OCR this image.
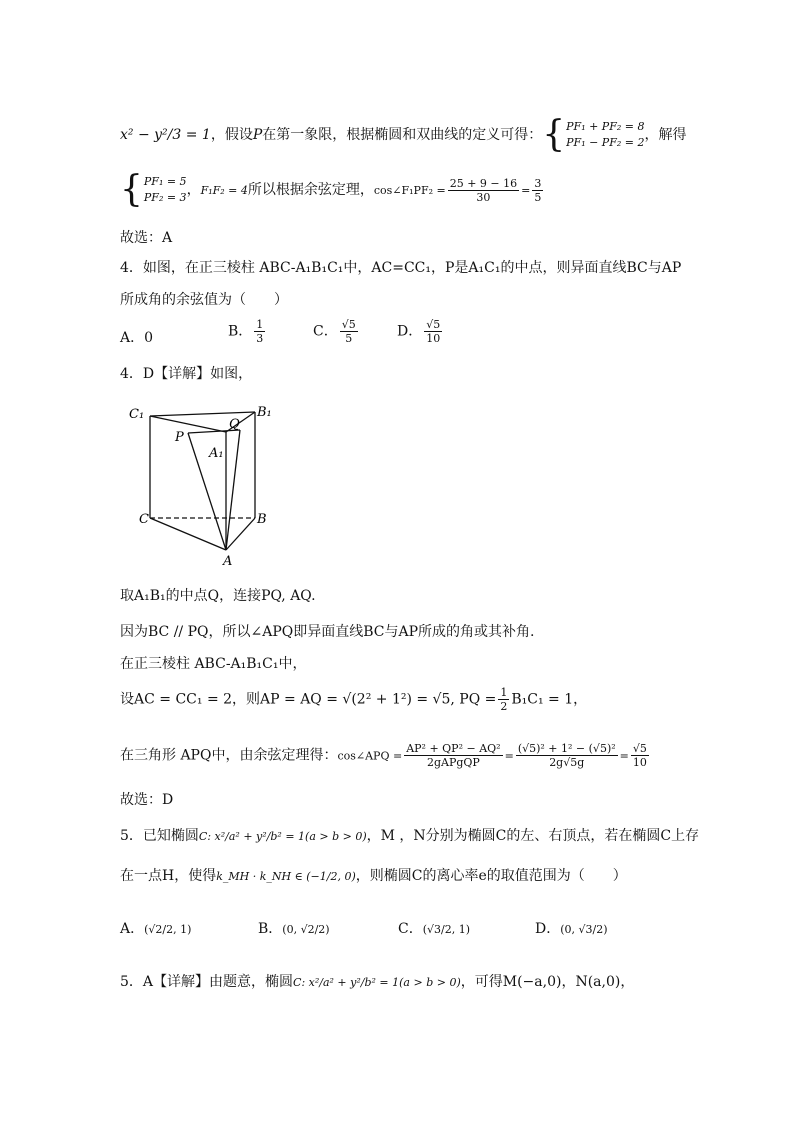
x² − y²/3 = 1，假设P在第一象限，根据椭圆和双曲线的定义可得：{ PF₁ + PF₂ = 8
PF₁ − PF₂ = 2 ，解得
{ PF₁ = 5
PF₂ = 3 ，F₁F₂ = 4所以根据余弦定理，cos∠F₁PF₂ = $\frac{25 + 9 - 16}{30} = \frac{3}{5}$
故选：A
4．如图，在正三棱柱 ABC-A₁B₁C₁中，AC=CC₁，P是A₁C₁的中点，则异面直线BC与AP
所成角的余弦值为（　　）
A．0	B． $\frac{1}{3}$	C． $\frac{√5}{5}$	D． $\frac{√5}{10}$
4．D【详解】如图，
C₁	B₁
P
Q
A₁
C	B
A
取A₁B₁的中点Q，连接PQ, AQ.
因为BC // PQ，所以∠APQ即异面直线BC与AP所成的角或其补角.
在正三棱柱 ABC-A₁B₁C₁中，
设AC = CC₁ = 2，则AP = AQ = √(2² + 1²) = √5, PQ = $\frac{1}{2} B_1C_1 = 1$，
在三角形 APQ中，由余弦定理得：cos∠APQ = $\frac{\text{AP² + QP² − AQ²}}{\text{2gAPgQP}} = \frac{\text{(√5)² + 1² − (√5)²}}{2g√5g} = \frac{√5}{10}$
故选：D
5．已知椭圆C: x²/a² + y²/b² = 1(a > b > 0)，M ，N分别为椭圆C的左、右顶点，若在椭圆C上存
在一点H，使得k_MH · k_NH ∈ (−1/2, 0)，则椭圆C的离心率e的取值范围为（　　）
A．(√2/2, 1)	B．(0, √2/2)	C．(√3/2, 1)	D．(0, √3/2)
5．A【详解】由题意，椭圆C: x²/a² + y²/b² = 1(a > b > 0)，可得M(−a,0)，N(a,0)，
